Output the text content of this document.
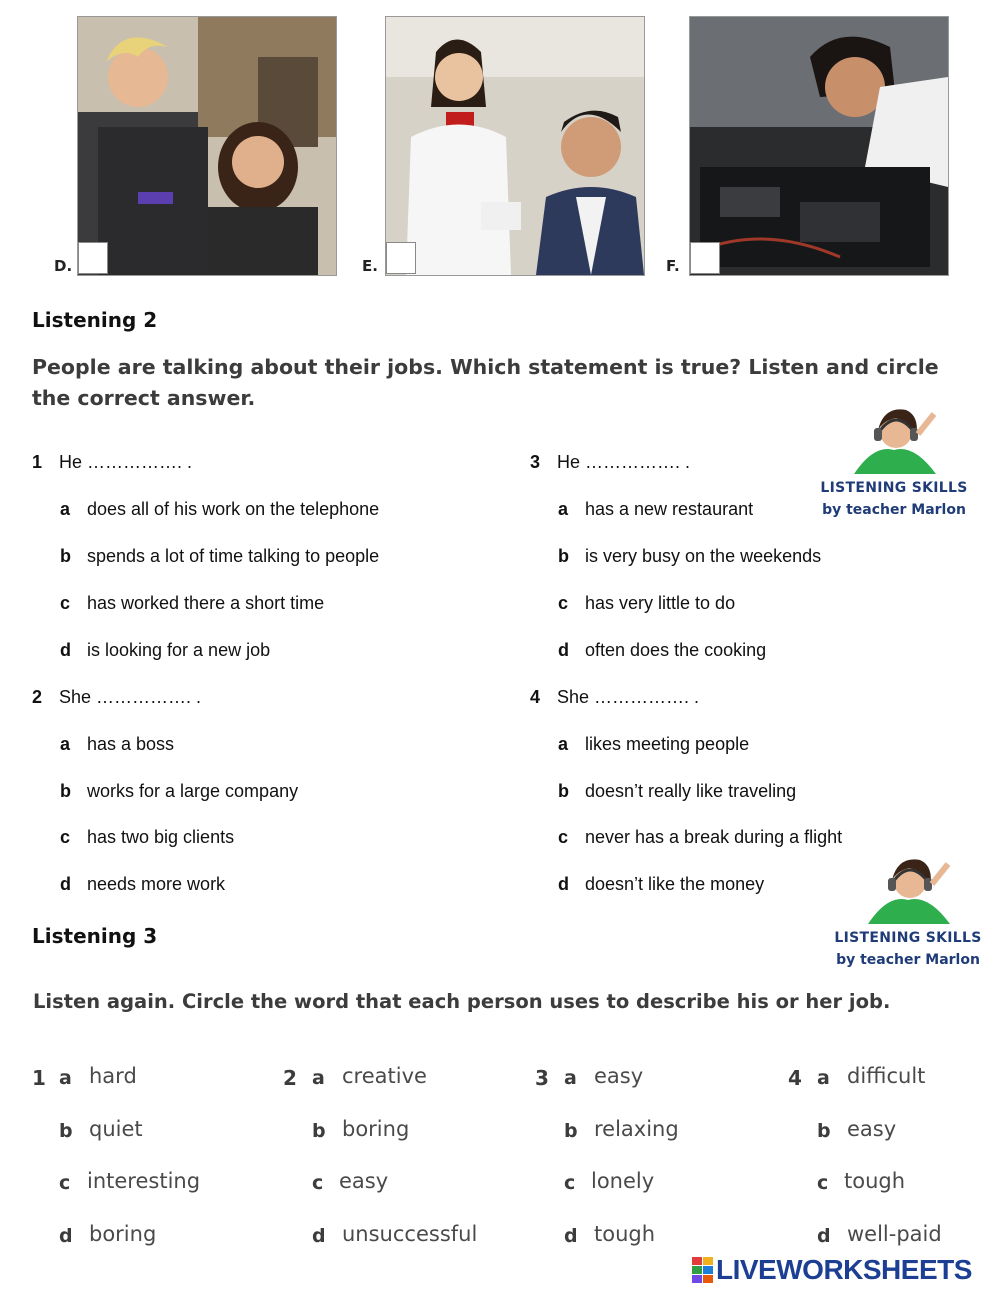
D.	E.	F.
Listening 2
People are talking about their jobs. Which statement is true? Listen and circle the correct answer.
1 He ……………. .
a does all of his work on the telephone
b spends a lot of time talking to people
c has worked there a short time
d is looking for a new job
2 She ……………. .
a has a boss
b works for a large company
c has two big clients
d needs more work
3 He ……………. .
a has a new restaurant
b is very busy on the weekends
c has very little to do
d often does the cooking
4 She ……………. .
a likes meeting people
b doesn’t really like traveling
c never has a break during a flight
d doesn’t like the money
LISTENING SKILLS
by teacher Marlon
Listening 3	LISTENING SKILLS
by teacher Marlon
Listen again. Circle the word that each person uses to describe his or her job.
1 a hard
b quiet
c interesting
d boring
2 a creative
b boring
c easy
d unsuccessful
3 a easy
b relaxing
c lonely
d tough
4 a difficult
b easy
c tough
d well-paid
LIVEWORKSHEETS
